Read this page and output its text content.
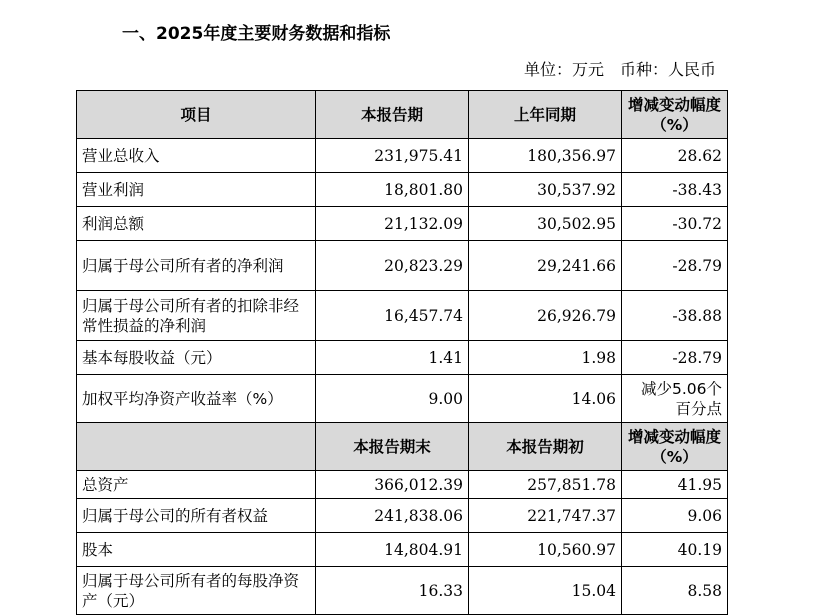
一、2025年度主要财务数据和指标
单位：万元 币种：人民币
项目	本报告期	上年同期	增减变动幅度（%）
营业总收入	231,975.41	180,356.97	28.62
营业利润	18,801.80	30,537.92	-38.43
利润总额	21,132.09	30,502.95	-30.72
归属于母公司所有者的净利润	20,823.29	29,241.66	-28.79
归属于母公司所有者的扣除非经常性损益的净利润	16,457.74	26,926.79	-38.88
基本每股收益（元）	1.41	1.98	-28.79
加权平均净资产收益率（%）	9.00	14.06	减少5.06个百分点
	本报告期末	本报告期初	增减变动幅度（%）
总资产	366,012.39	257,851.78	41.95
归属于母公司的所有者权益	241,838.06	221,747.37	9.06
股本	14,804.91	10,560.97	40.19
归属于母公司所有者的每股净资产（元）	16.33	15.04	8.58
